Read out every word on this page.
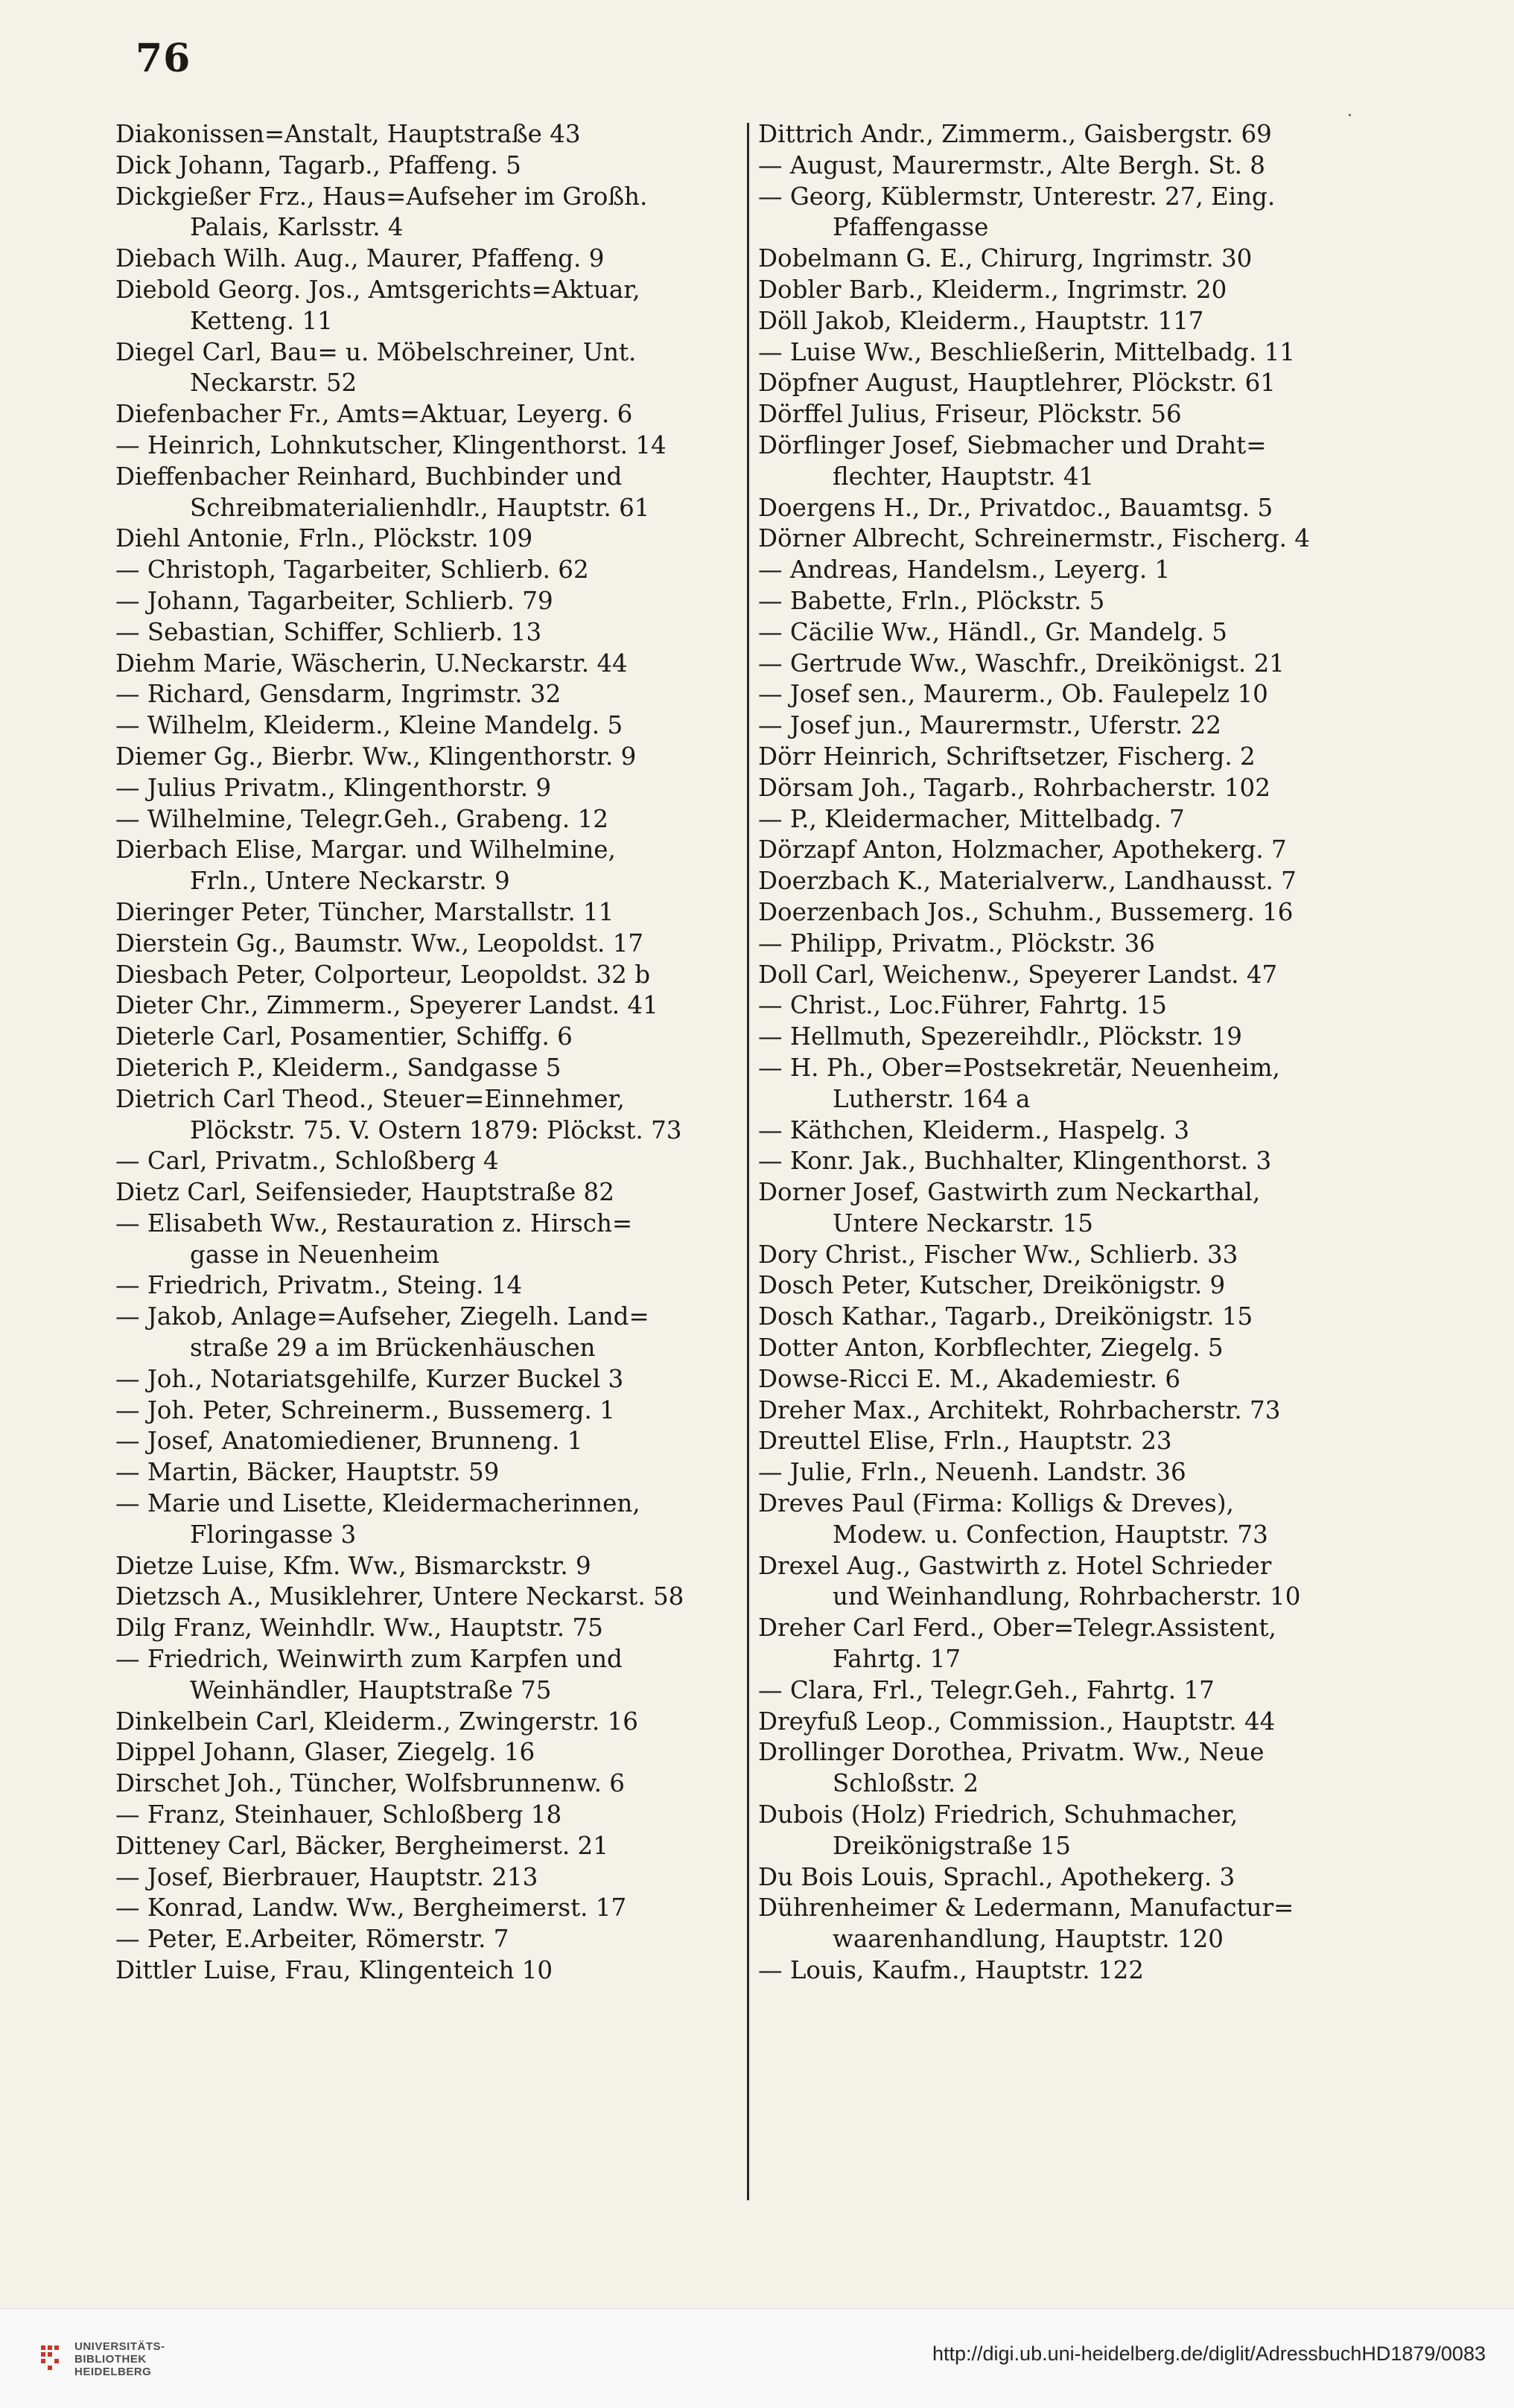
76
˙
Diakonissen=Anstalt, Hauptstraße 43
Dick Johann, Tagarb., Pfaffeng. 5
Dickgießer Frz., Haus=Aufseher im Großh.
Palais, Karlsstr. 4
Diebach Wilh. Aug., Maurer, Pfaffeng. 9
Diebold Georg. Jos., Amtsgerichts=Aktuar,
Ketteng. 11
Diegel Carl, Bau= u. Möbelschreiner, Unt.
Neckarstr. 52
Diefenbacher Fr., Amts=Aktuar, Leyerg. 6
— Heinrich, Lohnkutscher, Klingenthorst. 14
Dieffenbacher Reinhard, Buchbinder und
Schreibmaterialienhdlr., Hauptstr. 61
Diehl Antonie, Frln., Plöckstr. 109
— Christoph, Tagarbeiter, Schlierb. 62
— Johann, Tagarbeiter, Schlierb. 79
— Sebastian, Schiffer, Schlierb. 13
Diehm Marie, Wäscherin, U.Neckarstr. 44
— Richard, Gensdarm, Ingrimstr. 32
— Wilhelm, Kleiderm., Kleine Mandelg. 5
Diemer Gg., Bierbr. Ww., Klingenthorstr. 9
— Julius Privatm., Klingenthorstr. 9
— Wilhelmine, Telegr.Geh., Grabeng. 12
Dierbach Elise, Margar. und Wilhelmine,
Frln., Untere Neckarstr. 9
Dieringer Peter, Tüncher, Marstallstr. 11
Dierstein Gg., Baumstr. Ww., Leopoldst. 17
Diesbach Peter, Colporteur, Leopoldst. 32 b
Dieter Chr., Zimmerm., Speyerer Landst. 41
Dieterle Carl, Posamentier, Schiffg. 6
Dieterich P., Kleiderm., Sandgasse 5
Dietrich Carl Theod., Steuer=Einnehmer,
Plöckstr. 75. V. Ostern 1879: Plöckst. 73
— Carl, Privatm., Schloßberg 4
Dietz Carl, Seifensieder, Hauptstraße 82
— Elisabeth Ww., Restauration z. Hirsch=
gasse in Neuenheim
— Friedrich, Privatm., Steing. 14
— Jakob, Anlage=Aufseher, Ziegelh. Land=
straße 29 a im Brückenhäuschen
— Joh., Notariatsgehilfe, Kurzer Buckel 3
— Joh. Peter, Schreinerm., Bussemerg. 1
— Josef, Anatomiediener, Brunneng. 1
— Martin, Bäcker, Hauptstr. 59
— Marie und Lisette, Kleidermacherinnen,
Floringasse 3
Dietze Luise, Kfm. Ww., Bismarckstr. 9
Dietzsch A., Musiklehrer, Untere Neckarst. 58
Dilg Franz, Weinhdlr. Ww., Hauptstr. 75
— Friedrich, Weinwirth zum Karpfen und
Weinhändler, Hauptstraße 75
Dinkelbein Carl, Kleiderm., Zwingerstr. 16
Dippel Johann, Glaser, Ziegelg. 16
Dirschet Joh., Tüncher, Wolfsbrunnenw. 6
— Franz, Steinhauer, Schloßberg 18
Ditteney Carl, Bäcker, Bergheimerst. 21
— Josef, Bierbrauer, Hauptstr. 213
— Konrad, Landw. Ww., Bergheimerst. 17
— Peter, E.Arbeiter, Römerstr. 7
Dittler Luise, Frau, Klingenteich 10
Dittrich Andr., Zimmerm., Gaisbergstr. 69
— August, Maurermstr., Alte Bergh. St. 8
— Georg, Küblermstr, Unterestr. 27, Eing.
Pfaffengasse
Dobelmann G. E., Chirurg, Ingrimstr. 30
Dobler Barb., Kleiderm., Ingrimstr. 20
Döll Jakob, Kleiderm., Hauptstr. 117
— Luise Ww., Beschließerin, Mittelbadg. 11
Döpfner August, Hauptlehrer, Plöckstr. 61
Dörffel Julius, Friseur, Plöckstr. 56
Dörflinger Josef, Siebmacher und Draht=
flechter, Hauptstr. 41
Doergens H., Dr., Privatdoc., Bauamtsg. 5
Dörner Albrecht, Schreinermstr., Fischerg. 4
— Andreas, Handelsm., Leyerg. 1
— Babette, Frln., Plöckstr. 5
— Cäcilie Ww., Händl., Gr. Mandelg. 5
— Gertrude Ww., Waschfr., Dreikönigst. 21
— Josef sen., Maurerm., Ob. Faulepelz 10
— Josef jun., Maurermstr., Uferstr. 22
Dörr Heinrich, Schriftsetzer, Fischerg. 2
Dörsam Joh., Tagarb., Rohrbacherstr. 102
— P., Kleidermacher, Mittelbadg. 7
Dörzapf Anton, Holzmacher, Apothekerg. 7
Doerzbach K., Materialverw., Landhausst. 7
Doerzenbach Jos., Schuhm., Bussemerg. 16
— Philipp, Privatm., Plöckstr. 36
Doll Carl, Weichenw., Speyerer Landst. 47
— Christ., Loc.Führer, Fahrtg. 15
— Hellmuth, Spezereihdlr., Plöckstr. 19
— H. Ph., Ober=Postsekretär, Neuenheim,
Lutherstr. 164 a
— Käthchen, Kleiderm., Haspelg. 3
— Konr. Jak., Buchhalter, Klingenthorst. 3
Dorner Josef, Gastwirth zum Neckarthal,
Untere Neckarstr. 15
Dory Christ., Fischer Ww., Schlierb. 33
Dosch Peter, Kutscher, Dreikönigstr. 9
Dosch Kathar., Tagarb., Dreikönigstr. 15
Dotter Anton, Korbflechter, Ziegelg. 5
Dowse-Ricci E. M., Akademiestr. 6
Dreher Max., Architekt, Rohrbacherstr. 73
Dreuttel Elise, Frln., Hauptstr. 23
— Julie, Frln., Neuenh. Landstr. 36
Dreves Paul (Firma: Kolligs & Dreves),
Modew. u. Confection, Hauptstr. 73
Drexel Aug., Gastwirth z. Hotel Schrieder
und Weinhandlung, Rohrbacherstr. 10
Dreher Carl Ferd., Ober=Telegr.Assistent,
Fahrtg. 17
— Clara, Frl., Telegr.Geh., Fahrtg. 17
Dreyfuß Leop., Commission., Hauptstr. 44
Drollinger Dorothea, Privatm. Ww., Neue
Schloßstr. 2
Dubois (Holz) Friedrich, Schuhmacher,
Dreikönigstraße 15
Du Bois Louis, Sprachl., Apothekerg. 3
Dührenheimer & Ledermann, Manufactur=
waarenhandlung, Hauptstr. 120
— Louis, Kaufm., Hauptstr. 122
UNIVERSITÄTS-
BIBLIOTHEK
HEIDELBERG
http://digi.ub.uni-heidelberg.de/diglit/AdressbuchHD1879/0083
